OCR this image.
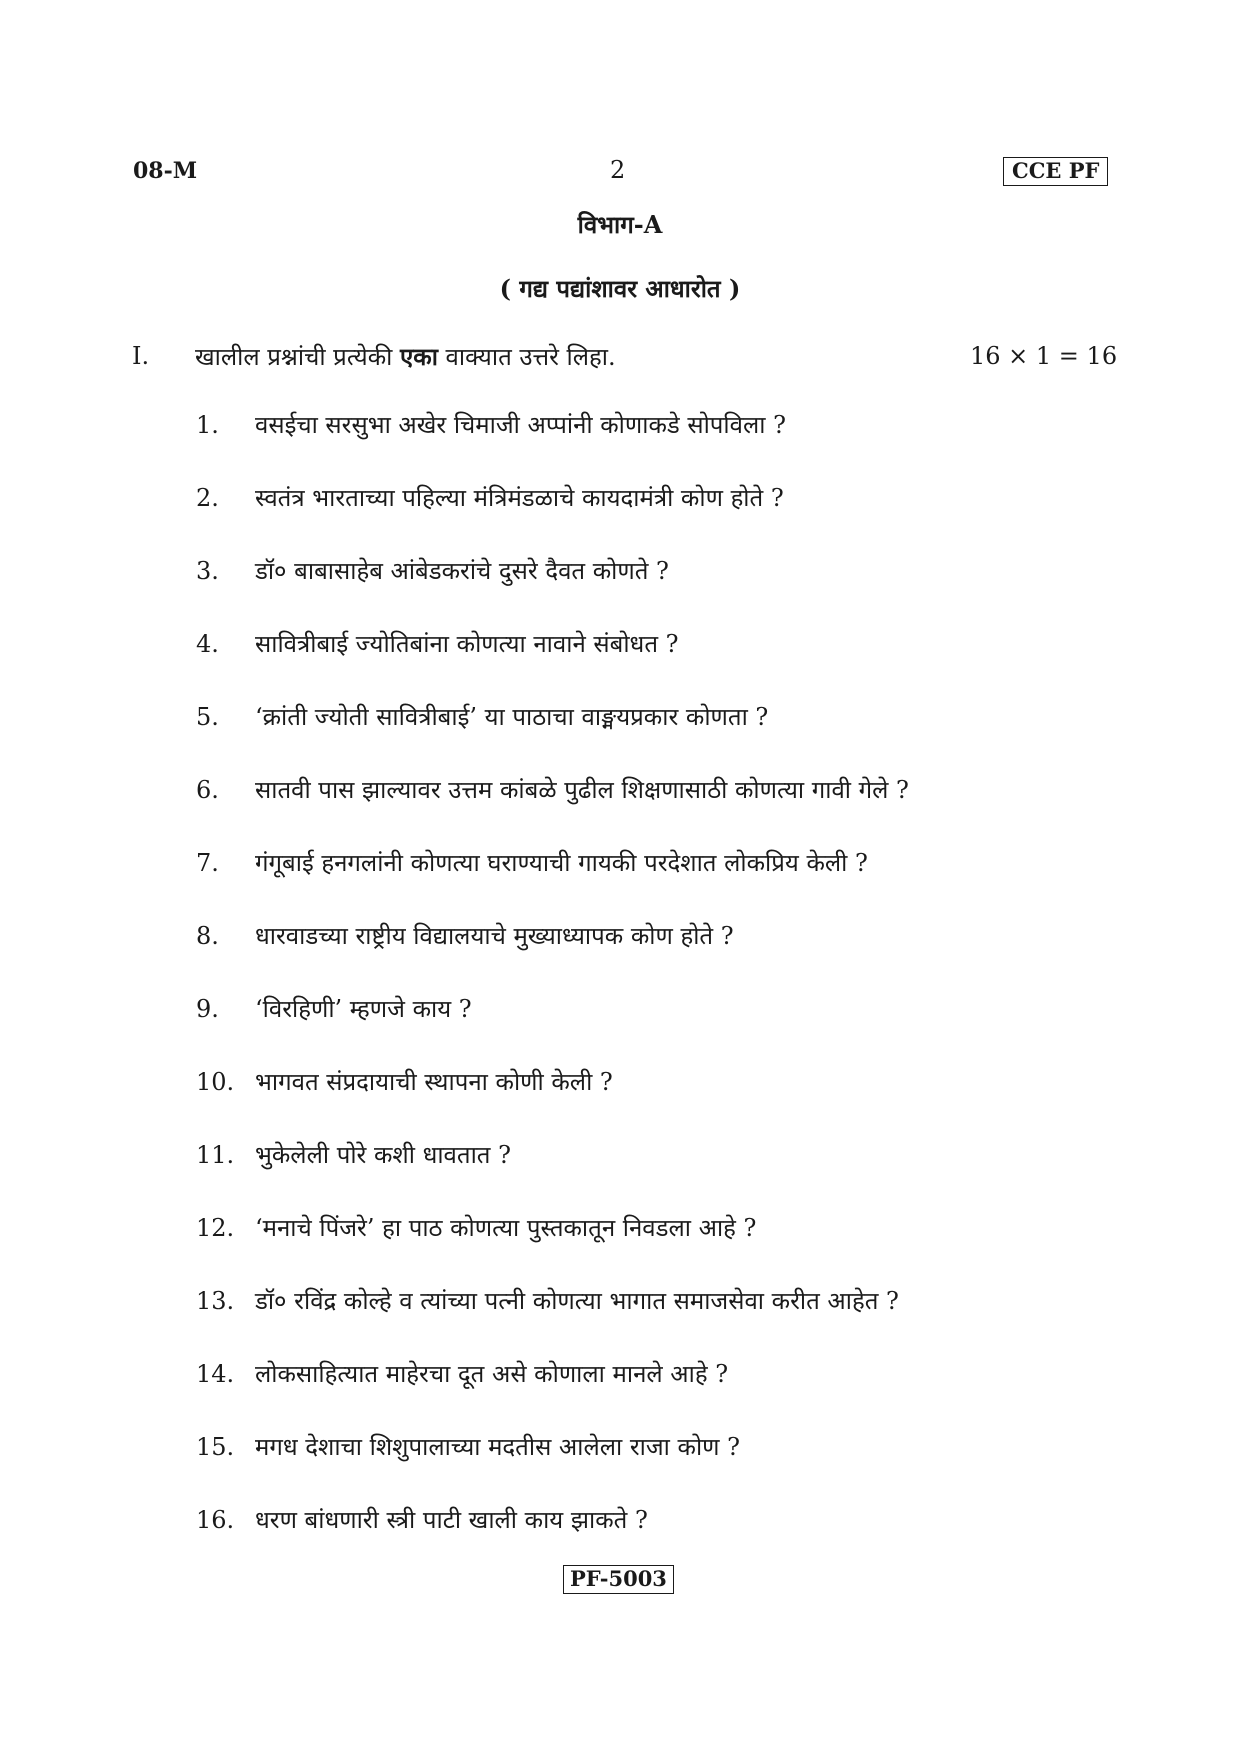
08-M	2	CCE PF
विभाग-A
( गद्य पद्यांशावर आधारोत )
I. खालील प्रश्नांची प्रत्येकी एका वाक्यात उत्तरे लिहा.	16 × 1 = 16
1.	वसईचा सरसुभा अखेर चिमाजी अप्पांनी कोणाकडे सोपविला ?
2.	स्वतंत्र भारताच्या पहिल्या मंत्रिमंडळाचे कायदामंत्री कोण होते ?
3.	डॉ० बाबासाहेब आंबेडकरांचे दुसरे दैवत कोणते ?
4.	सावित्रीबाई ज्योतिबांना कोणत्या नावाने संबोधत ?
5.	‘क्रांती ज्योती सावित्रीबाई’ या पाठाचा वाङ्मयप्रकार कोणता ?
6.	सातवी पास झाल्यावर उत्तम कांबळे पुढील शिक्षणासाठी कोणत्या गावी गेले ?
7.	गंगूबाई हनगलांनी कोणत्या घराण्याची गायकी परदेशात लोकप्रिय केली ?
8.	धारवाडच्या राष्ट्रीय विद्यालयाचे मुख्याध्यापक कोण होते ?
9.	‘विरहिणी’ म्हणजे काय ?
10. भागवत संप्रदायाची स्थापना कोणी केली ?
11. भुकेलेली पोरे कशी धावतात ?
12. ‘मनाचे पिंजरे’ हा पाठ कोणत्या पुस्तकातून निवडला आहे ?
13. डॉ० रविंद्र कोल्हे व त्यांच्या पत्नी कोणत्या भागात समाजसेवा करीत आहेत ?
14. लोकसाहित्यात माहेरचा दूत असे कोणाला मानले आहे ?
15. मगध देशाचा शिशुपालाच्या मदतीस आलेला राजा कोण ?
16. धरण बांधणारी स्त्री पाटी खाली काय झाकते ?
PF-5003
